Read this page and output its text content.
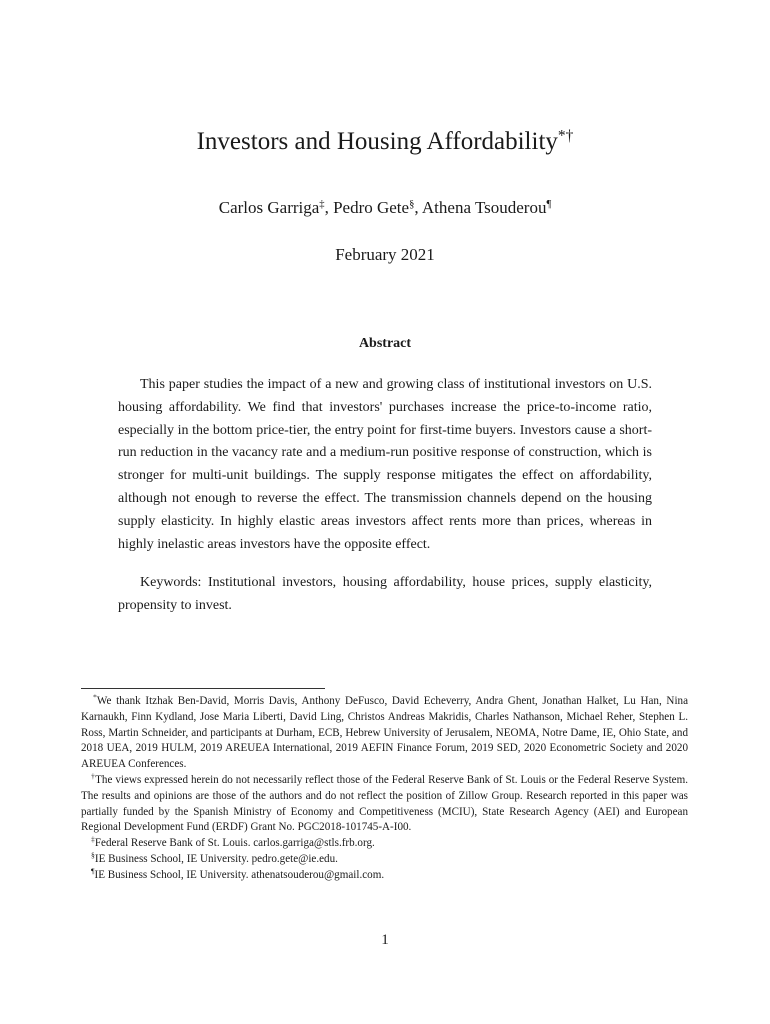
Investors and Housing Affordability*†
Carlos Garriga‡, Pedro Gete§, Athena Tsouderou¶
February 2021
Abstract

This paper studies the impact of a new and growing class of institutional investors on U.S. housing affordability. We find that investors' purchases increase the price-to-income ratio, especially in the bottom price-tier, the entry point for first-time buyers. Investors cause a short-run reduction in the vacancy rate and a medium-run positive response of construction, which is stronger for multi-unit buildings. The supply response mitigates the effect on affordability, although not enough to reverse the effect. The transmission channels depend on the housing supply elasticity. In highly elastic areas investors affect rents more than prices, whereas in highly inelastic areas investors have the opposite effect.

Keywords: Institutional investors, housing affordability, house prices, supply elasticity, propensity to invest.

*We thank Itzhak Ben-David, Morris Davis, Anthony DeFusco, David Echeverry, Andra Ghent, Jonathan Halket, Lu Han, Nina Karnaukh, Finn Kydland, Jose Maria Liberti, David Ling, Christos Andreas Makridis, Charles Nathanson, Michael Reher, Stephen L. Ross, Martin Schneider, and participants at Durham, ECB, Hebrew University of Jerusalem, NEOMA, Notre Dame, IE, Ohio State, and 2018 UEA, 2019 HULM, 2019 AREUEA International, 2019 AEFIN Finance Forum, 2019 SED, 2020 Econometric Society and 2020 AREUEA Conferences.

†The views expressed herein do not necessarily reflect those of the Federal Reserve Bank of St. Louis or the Federal Reserve System. The results and opinions are those of the authors and do not reflect the position of Zillow Group. Research reported in this paper was partially funded by the Spanish Ministry of Economy and Competitiveness (MCIU), State Research Agency (AEI) and European Regional Development Fund (ERDF) Grant No. PGC2018-101745-A-I00.

‡Federal Reserve Bank of St. Louis. carlos.garriga@stls.frb.org.

§IE Business School, IE University. pedro.gete@ie.edu.

¶IE Business School, IE University. athenatsouderou@gmail.com.

1
